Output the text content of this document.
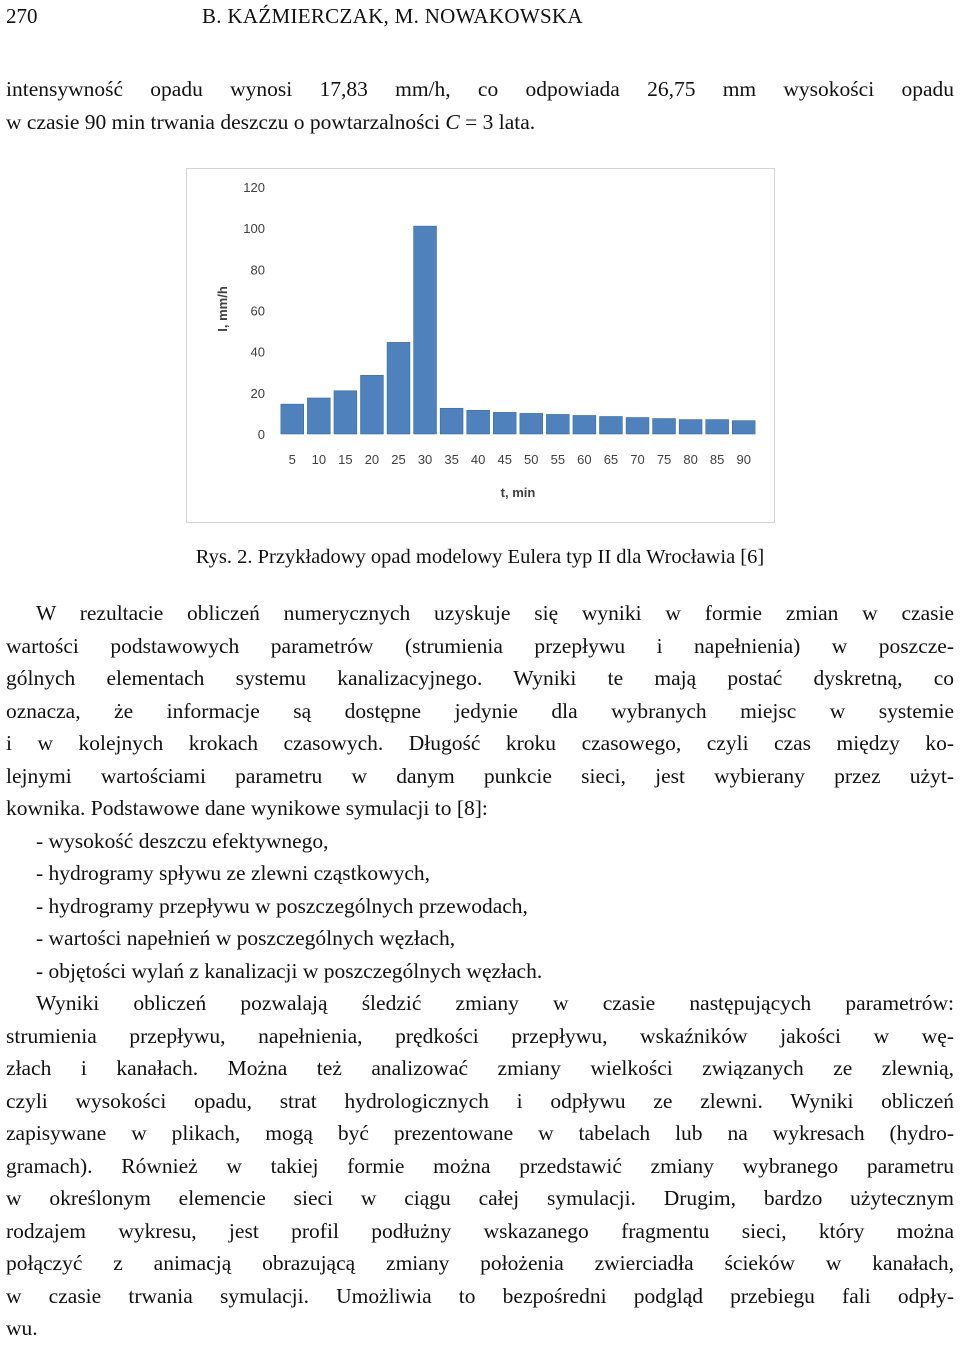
270	B. KAŹMIERCZAK, M. NOWAKOWSKA
intensywność opadu wynosi 17,83 mm/h, co odpowiada 26,75 mm wysokości opadu
w czasie 90 min trwania deszczu o powtarzalności C = 3 lata.
0
20
40
60
80
100
120
5 10 15 20 25 30 35 40 45 50 55 60 65 70 75 80 85 90
t, min
I, mm/h
Rys. 2. Przykładowy opad modelowy Eulera typ II dla Wrocławia [6]
W rezultacie obliczeń numerycznych uzyskuje się wyniki w formie zmian w czasie
wartości podstawowych parametrów (strumienia przepływu i napełnienia) w poszcze-
gólnych elementach systemu kanalizacyjnego. Wyniki te mają postać dyskretną, co
oznacza, że informacje są dostępne jedynie dla wybranych miejsc w systemie
i w kolejnych krokach czasowych. Długość kroku czasowego, czyli czas między ko-
lejnymi wartościami parametru w danym punkcie sieci, jest wybierany przez użyt-
kownika. Podstawowe dane wynikowe symulacji to [8]:
- wysokość deszczu efektywnego,
- hydrogramy spływu ze zlewni cząstkowych,
- hydrogramy przepływu w poszczególnych przewodach,
- wartości napełnień w poszczególnych węzłach,
- objętości wylań z kanalizacji w poszczególnych węzłach.
Wyniki obliczeń pozwalają śledzić zmiany w czasie następujących parametrów:
strumienia przepływu, napełnienia, prędkości przepływu, wskaźników jakości w wę-
złach i kanałach. Można też analizować zmiany wielkości związanych ze zlewnią,
czyli wysokości opadu, strat hydrologicznych i odpływu ze zlewni. Wyniki obliczeń
zapisywane w plikach, mogą być prezentowane w tabelach lub na wykresach (hydro-
gramach). Również w takiej formie można przedstawić zmiany wybranego parametru
w określonym elemencie sieci w ciągu całej symulacji. Drugim, bardzo użytecznym
rodzajem wykresu, jest profil podłużny wskazanego fragmentu sieci, który można
połączyć z animacją obrazującą zmiany położenia zwierciadła ścieków w kanałach,
w czasie trwania symulacji. Umożliwia to bezpośredni podgląd przebiegu fali odpły-
wu.
